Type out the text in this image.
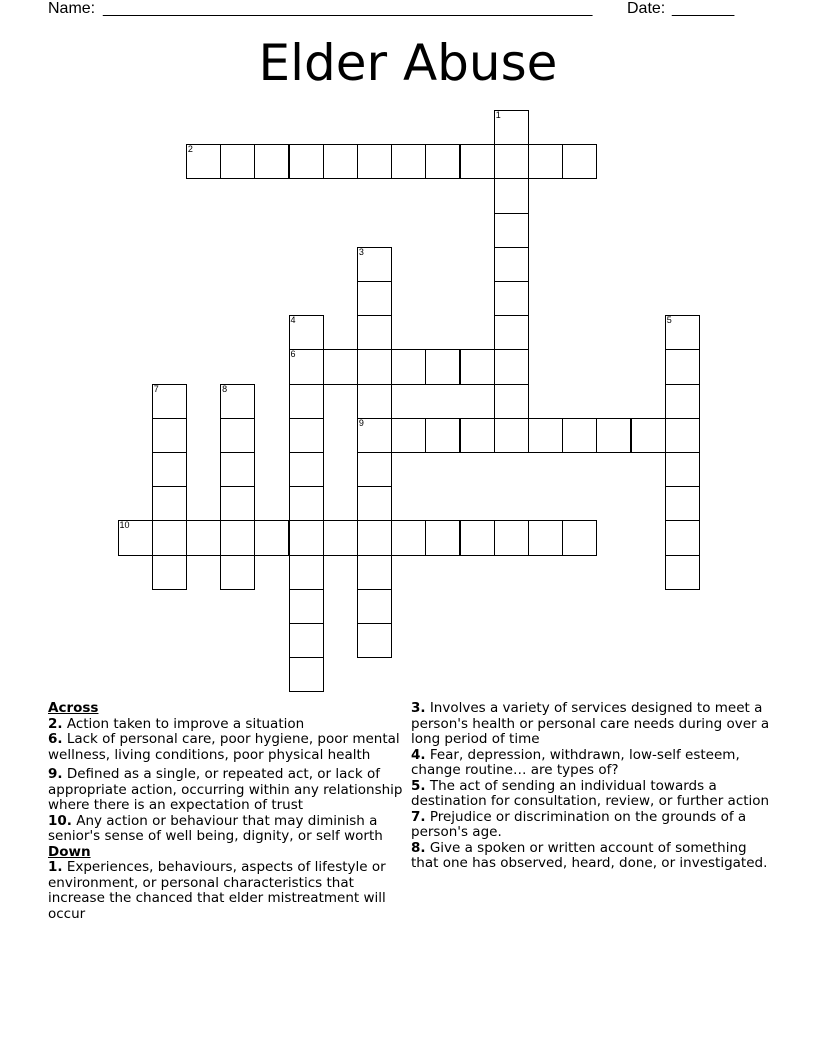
Name: _______________________________________________________ Date: _______
Elder Abuse
1
2
3
9
4
6
5
7	8
10
Across
2. Action taken to improve a situation
6. Lack of personal care, poor hygiene, poor mental wellness, living conditions, poor physical health
9. Defined as a single, or repeated act, or lack of appropriate action, occurring within any relationship where there is an expectation of trust
10. Any action or behaviour that may diminish a senior's sense of well being, dignity, or self worth
Down
1. Experiences, behaviours, aspects of lifestyle or environment, or personal characteristics that increase the chanced that elder mistreatment will occur
3. Involves a variety of services designed to meet a person's health or personal care needs during over a long period of time
4. Fear, depression, withdrawn, low-self esteem, change routine… are types of?
5. The act of sending an individual towards a destination for consultation, review, or further action
7. Prejudice or discrimination on the grounds of a person's age.
8. Give a spoken or written account of something that one has observed, heard, done, or investigated.
